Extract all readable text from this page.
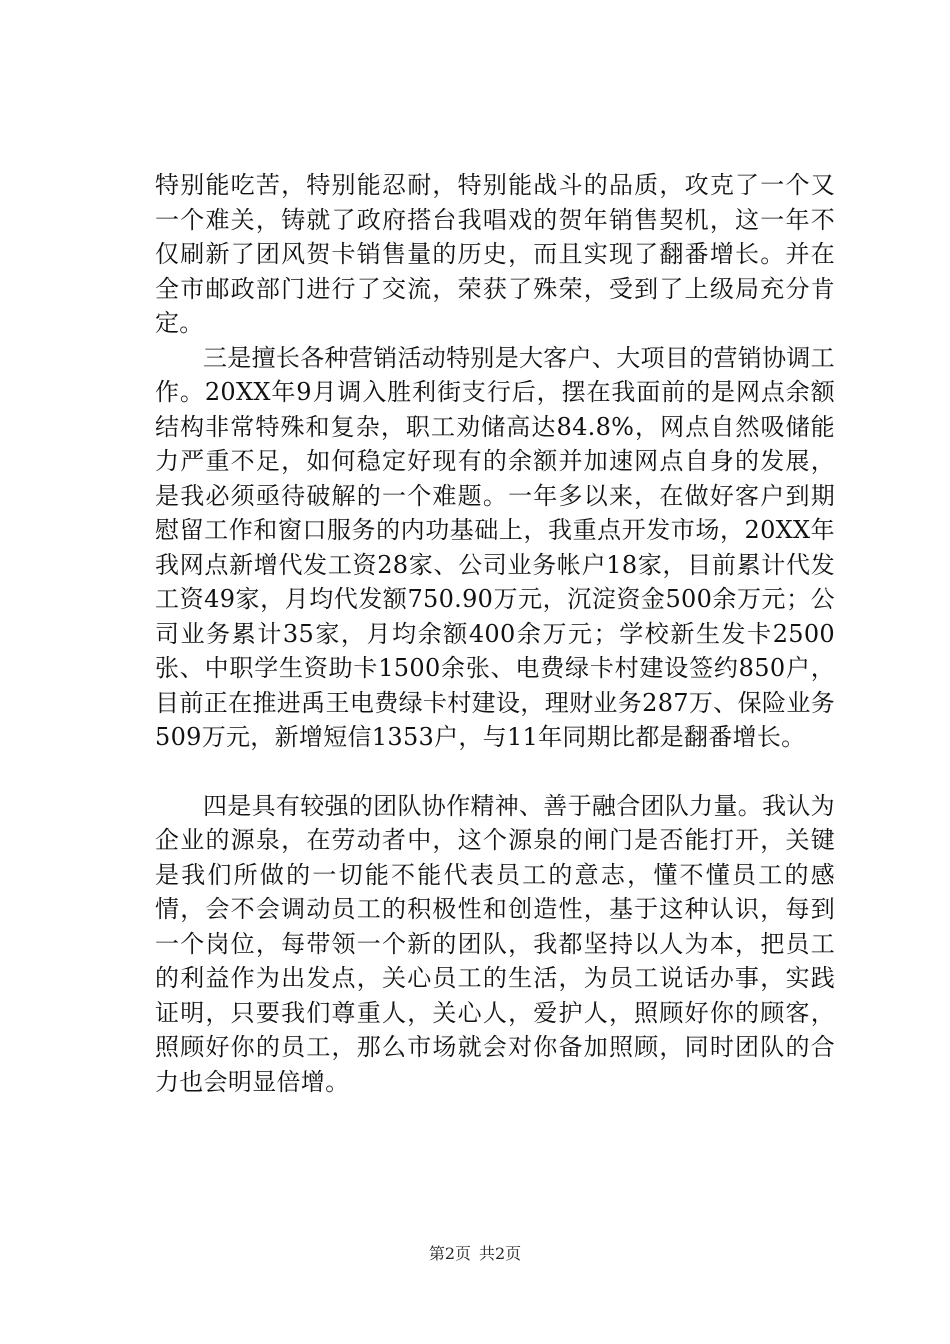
特别能吃苦，特别能忍耐，特别能战斗的品质，攻克了一个又一个难关，铸就了政府搭台我唱戏的贺年销售契机，这一年不仅刷新了团风贺卡销售量的历史，而且实现了翻番增长。并在全市邮政部门进行了交流，荣获了殊荣，受到了上级局充分肯定。

三是擅长各种营销活动特别是大客户、大项目的营销协调工作。20XX年9月调入胜利街支行后，摆在我面前的是网点余额结构非常特殊和复杂，职工劝储高达84.8%，网点自然吸储能力严重不足，如何稳定好现有的余额并加速网点自身的发展，是我必须亟待破解的一个难题。一年多以来，在做好客户到期慰留工作和窗口服务的内功基础上，我重点开发市场，20XX年我网点新增代发工资28家、公司业务帐户18家，目前累计代发工资49家，月均代发额750.90万元，沉淀资金500余万元；公司业务累计35家，月均余额400余万元；学校新生发卡2500张、中职学生资助卡1500余张、电费绿卡村建设签约850户，目前正在推进禹王电费绿卡村建设，理财业务287万、保险业务509万元，新增短信1353户，与11年同期比都是翻番增长。

四是具有较强的团队协作精神、善于融合团队力量。我认为企业的源泉，在劳动者中，这个源泉的闸门是否能打开，关键是我们所做的一切能不能代表员工的意志，懂不懂员工的感情，会不会调动员工的积极性和创造性，基于这种认识，每到一个岗位，每带领一个新的团队，我都坚持以人为本，把员工的利益作为出发点，关心员工的生活，为员工说话办事，实践证明，只要我们尊重人，关心人，爱护人，照顾好你的顾客，照顾好你的员工，那么市场就会对你备加照顾，同时团队的合力也会明显倍增。

第2页 共2页
